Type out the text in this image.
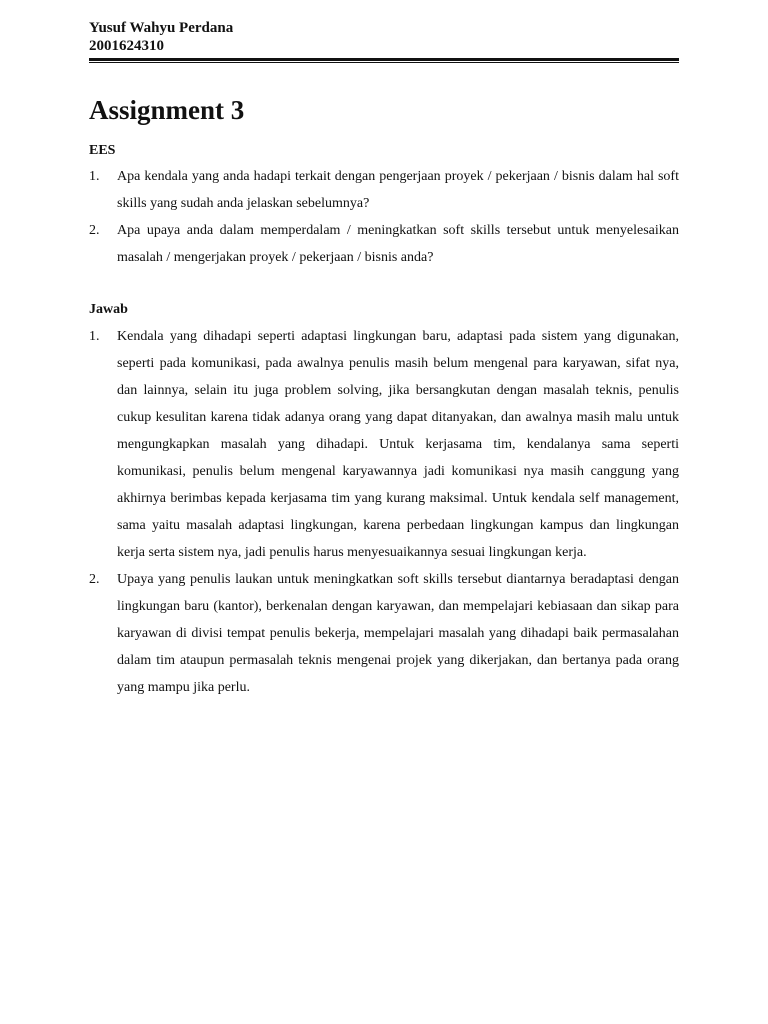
Yusuf Wahyu Perdana
2001624310
Assignment 3
EES
1. Apa kendala yang anda hadapi terkait dengan pengerjaan proyek / pekerjaan / bisnis dalam hal soft skills yang sudah anda jelaskan sebelumnya?
2. Apa upaya anda dalam memperdalam / meningkatkan soft skills tersebut untuk menyelesaikan masalah / mengerjakan proyek / pekerjaan / bisnis anda?
Jawab
1. Kendala yang dihadapi seperti adaptasi lingkungan baru, adaptasi pada sistem yang digunakan, seperti pada komunikasi, pada awalnya penulis masih belum mengenal para karyawan, sifat nya, dan lainnya, selain itu juga problem solving, jika bersangkutan dengan masalah teknis, penulis cukup kesulitan karena tidak adanya orang yang dapat ditanyakan, dan awalnya masih malu untuk mengungkapkan masalah yang dihadapi. Untuk kerjasama tim, kendalanya sama seperti komunikasi, penulis belum mengenal karyawannya jadi komunikasi nya masih canggung yang akhirnya berimbas kepada kerjasama tim yang kurang maksimal. Untuk kendala self management, sama yaitu masalah adaptasi lingkungan, karena perbedaan lingkungan kampus dan lingkungan kerja serta sistem nya, jadi penulis harus menyesuaikannya sesuai lingkungan kerja.
2. Upaya yang penulis laukan untuk meningkatkan soft skills tersebut diantarnya beradaptasi dengan lingkungan baru (kantor), berkenalan dengan karyawan, dan mempelajari kebiasaan dan sikap para karyawan di divisi tempat penulis bekerja, mempelajari masalah yang dihadapi baik permasalahan dalam tim ataupun permasalah teknis mengenai projek yang dikerjakan, dan bertanya pada orang yang mampu jika perlu.
